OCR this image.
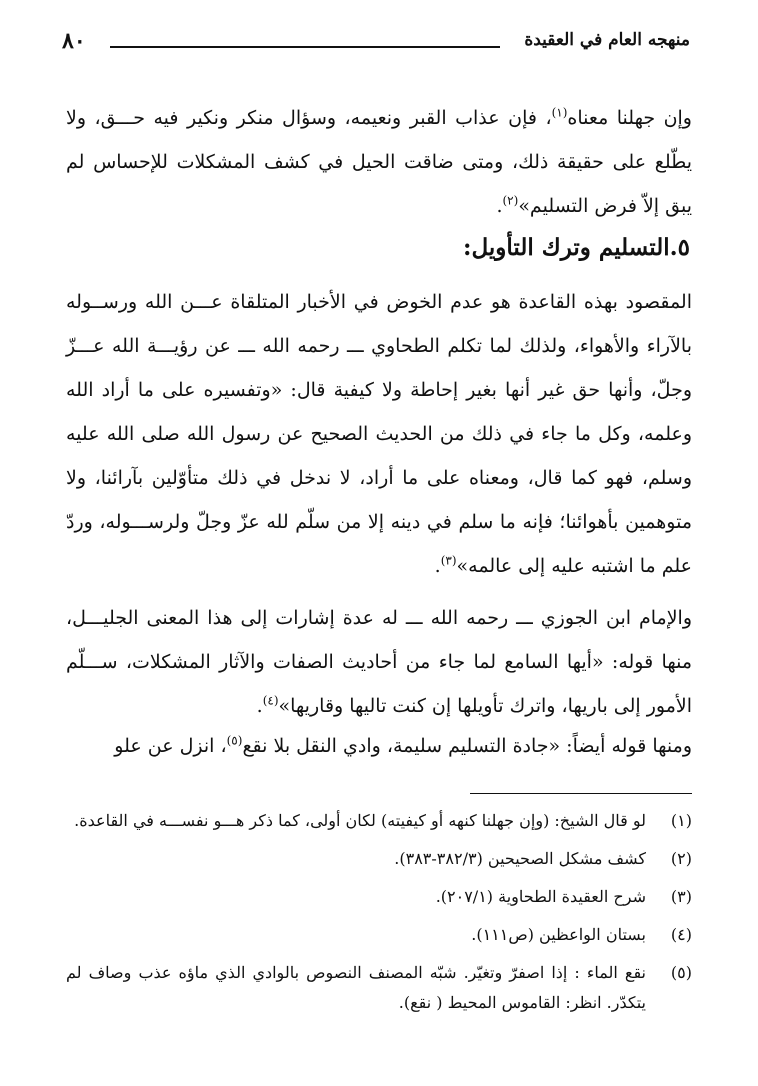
٨٠	منهجه العام في العقيدة

وإن جهلنا معناه$^{(١)}$، فإن عذاب القبر ونعيمه، وسؤال منكر ونكير فيه حـــق، ولا يطّلع على حقيقة ذلك، ومتى ضاقت الحيل في كشف المشكلات للإحساس لم يبق إلاّ فرض التسليم»$^{(٢)}$.

٥.التسليم وترك التأويل:

المقصود بهذه القاعدة هو عدم الخوض في الأخبار المتلقاة عـــن الله ورســوله بالآراء والأهواء، ولذلك لما تكلم الطحاوي ـــ رحمه الله ـــ عن رؤيـــة الله عـــزّ وجلّ، وأنها حق غير أنها بغير إحاطة ولا كيفية قال: «وتفسيره على ما أراد الله وعلمه، وكل ما جاء في ذلك من الحديث الصحيح عن رسول الله صلى الله عليه وسلم، فهو كما قال، ومعناه على ما أراد، لا ندخل في ذلك متأوّلين بآرائنا، ولا متوهمين بأهوائنا؛ فإنه ما سلم في دينه إلا من سلّم لله عزّ وجلّ ولرســـوله، وردّ علم ما اشتبه عليه إلى عالمه»$^{(٣)}$.

والإمام ابن الجوزي ـــ رحمه الله ـــ له عدة إشارات إلى هذا المعنى الجليـــل، منها قوله: «أيها السامع لما جاء من أحاديث الصفات والآثار المشكلات، ســـلّم الأمور إلى باريها، واترك تأويلها إن كنت تاليها وقاريها»$^{(٤)}$.

ومنها قوله أيضاً: «جادة التسليم سليمة، وادي النقل بلا نقع$^{(٥)}$، انزل عن علو

(١)
لو قال الشيخ: (وإن جهلنا كنهه أو كيفيته) لكان أولى، كما ذكر هـــو نفســـه في القاعدة.
(٢)
كشف مشكل الصحيحين (٣٨٢/٣-٣٨٣).
(٣)
شرح العقيدة الطحاوية (٢٠٧/١).
(٤)
بستان الواعظين (ص١١١).
(٥)
نقع الماء : إذا اصفرّ وتغيّر. شبّه المصنف النصوص بالوادي الذي ماؤه عذب وصاف لم يتكدّر. انظر: القاموس المحيط ( نقع).
